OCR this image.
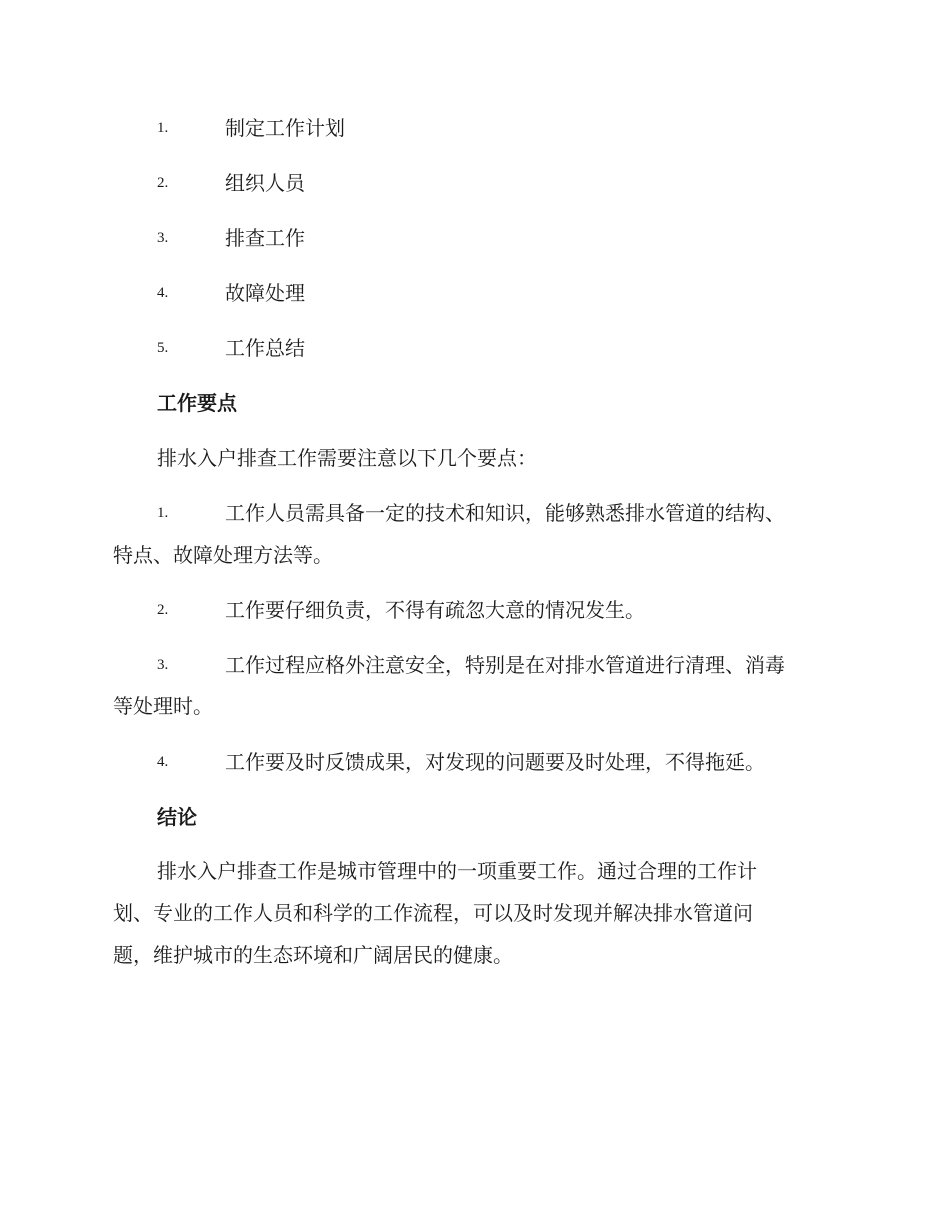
1.	制定工作计划
2.	组织人员
3.	排查工作
4.	故障处理
5.	工作总结
工作要点
排水入户排查工作需要注意以下几个要点：
1.	工作人员需具备一定的技术和知识，能够熟悉排水管道的结构、
特点、故障处理方法等。
2.	工作要仔细负责，不得有疏忽大意的情况发生。
3.	工作过程应格外注意安全，特别是在对排水管道进行清理、消毒
等处理时。
4.	工作要及时反馈成果，对发现的问题要及时处理，不得拖延。
结论
排水入户排查工作是城市管理中的一项重要工作。通过合理的工作计
划、专业的工作人员和科学的工作流程，可以及时发现并解决排水管道问
题，维护城市的生态环境和广阔居民的健康。
